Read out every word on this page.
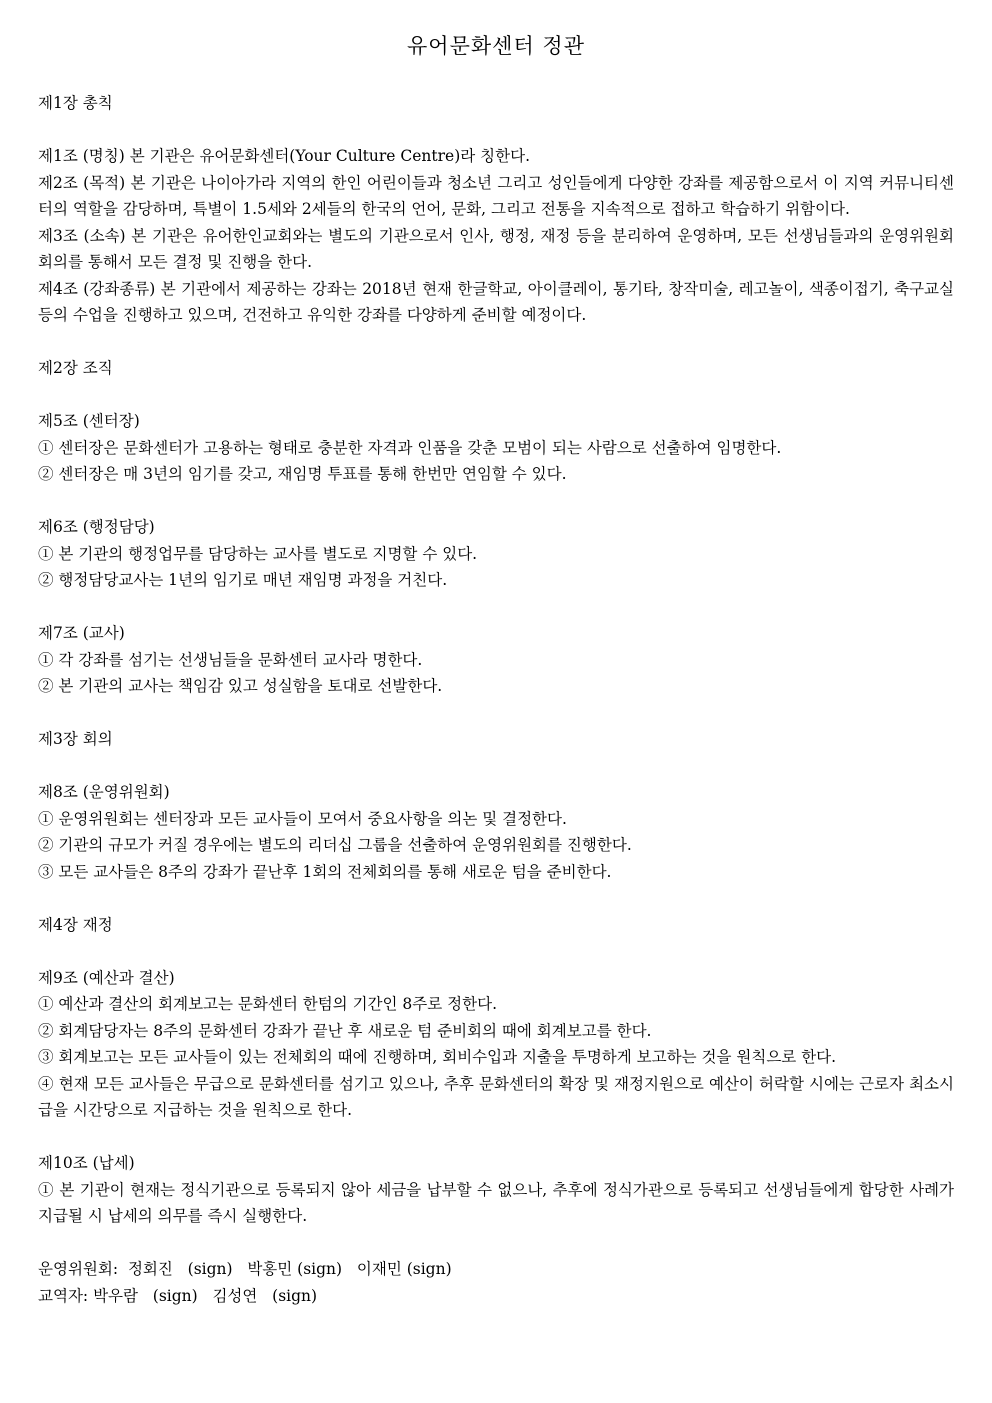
유어문화센터 정관

제1장 총칙

제1조 (명칭) 본 기관은 유어문화센터(Your Culture Centre)라 칭한다.

제2조 (목적) 본 기관은 나이아가라 지역의 한인 어린이들과 청소년 그리고 성인들에게 다양한 강좌를 제공함으로서 이 지역 커뮤니티센터의 역할을 감당하며, 특별이 1.5세와 2세들의 한국의 언어, 문화, 그리고 전통을 지속적으로 접하고 학습하기 위함이다.

제3조 (소속) 본 기관은 유어한인교회와는 별도의 기관으로서 인사, 행정, 재정 등을 분리하여 운영하며, 모든 선생님들과의 운영위원회 회의를 통해서 모든 결정 및 진행을 한다.

제4조 (강좌종류) 본 기관에서 제공하는 강좌는 2018년 현재 한글학교, 아이클레이, 통기타, 창작미술, 레고놀이, 색종이접기, 축구교실 등의 수업을 진행하고 있으며, 건전하고 유익한 강좌를 다양하게 준비할 예정이다.

제2장 조직

제5조 (센터장)

① 센터장은 문화센터가 고용하는 형태로 충분한 자격과 인품을 갖춘 모범이 되는 사람으로 선출하여 임명한다.

② 센터장은 매 3년의 임기를 갖고, 재임명 투표를 통해 한번만 연임할 수 있다.

제6조 (행정담당)

① 본 기관의 행정업무를 담당하는 교사를 별도로 지명할 수 있다.

② 행정담당교사는 1년의 임기로 매년 재임명 과정을 거친다.

제7조 (교사)

① 각 강좌를 섬기는 선생님들을 문화센터 교사라 명한다.

② 본 기관의 교사는 책임감 있고 성실함을 토대로 선발한다.

제3장 회의

제8조 (운영위원회)

① 운영위원회는 센터장과 모든 교사들이 모여서 중요사항을 의논 및 결정한다.

② 기관의 규모가 커질 경우에는 별도의 리더십 그룹을 선출하여 운영위원회를 진행한다.

③ 모든 교사들은 8주의 강좌가 끝난후 1회의 전체회의를 통해 새로운 텀을 준비한다.

제4장 재정

제9조 (예산과 결산)

① 예산과 결산의 회계보고는 문화센터 한텀의 기간인 8주로 정한다.

② 회계담당자는 8주의 문화센터 강좌가 끝난 후 새로운 텀 준비회의 때에 회계보고를 한다.

③ 회계보고는 모든 교사들이 있는 전체회의 때에 진행하며, 회비수입과 지출을 투명하게 보고하는 것을 원칙으로 한다.

④ 현재 모든 교사들은 무급으로 문화센터를 섬기고 있으나, 추후 문화센터의 확장 및 재정지원으로 예산이 허락할 시에는 근로자 최소시급을 시간당으로 지급하는 것을 원칙으로 한다.

제10조 (납세)

① 본 기관이 현재는 정식기관으로 등록되지 않아 세금을 납부할 수 없으나, 추후에 정식가관으로 등록되고 선생님들에게 합당한 사례가 지급될 시 납세의 의무를 즉시 실행한다.

운영위원회:  정회진   (sign)   박홍민 (sign)   이재민 (sign)

교역자: 박우람   (sign)   김성연   (sign)
